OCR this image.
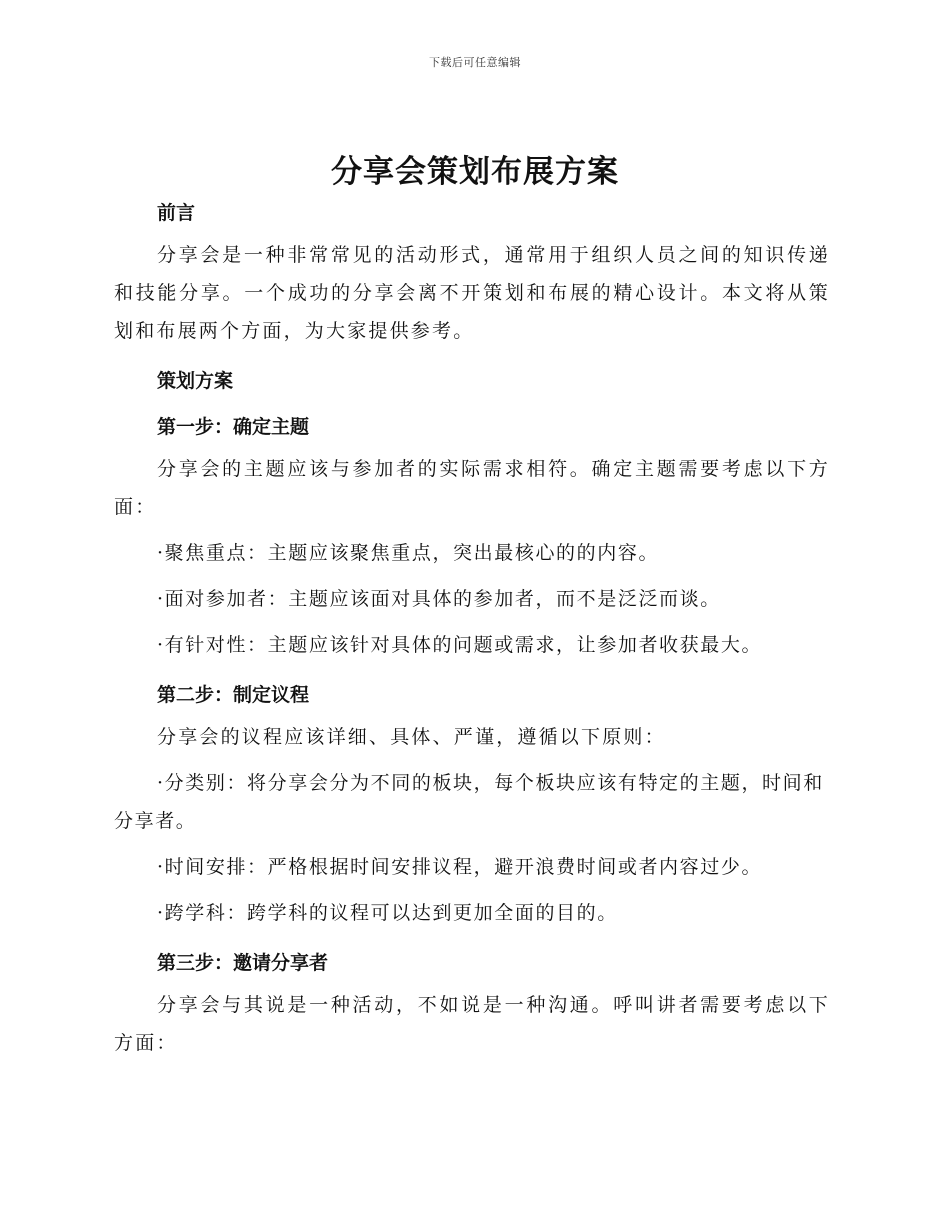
下载后可任意编辑
分享会策划布展方案
前言

分享会是一种非常常见的活动形式，通常用于组织人员之间的知识传递和技能分享。一个成功的分享会离不开策划和布展的精心设计。本文将从策划和布展两个方面，为大家提供参考。

策划方案
第一步：确定主题

分享会的主题应该与参加者的实际需求相符。确定主题需要考虑以下方面：

·聚焦重点：主题应该聚焦重点，突出最核心的的内容。

·面对参加者：主题应该面对具体的参加者，而不是泛泛而谈。

·有针对性：主题应该针对具体的问题或需求，让参加者收获最大。

第二步：制定议程

分享会的议程应该详细、具体、严谨，遵循以下原则：

·分类别：将分享会分为不同的板块，每个板块应该有特定的主题，时间和分享者。

·时间安排：严格根据时间安排议程，避开浪费时间或者内容过少。

·跨学科：跨学科的议程可以达到更加全面的目的。

第三步：邀请分享者

分享会与其说是一种活动，不如说是一种沟通。呼叫讲者需要考虑以下方面：
